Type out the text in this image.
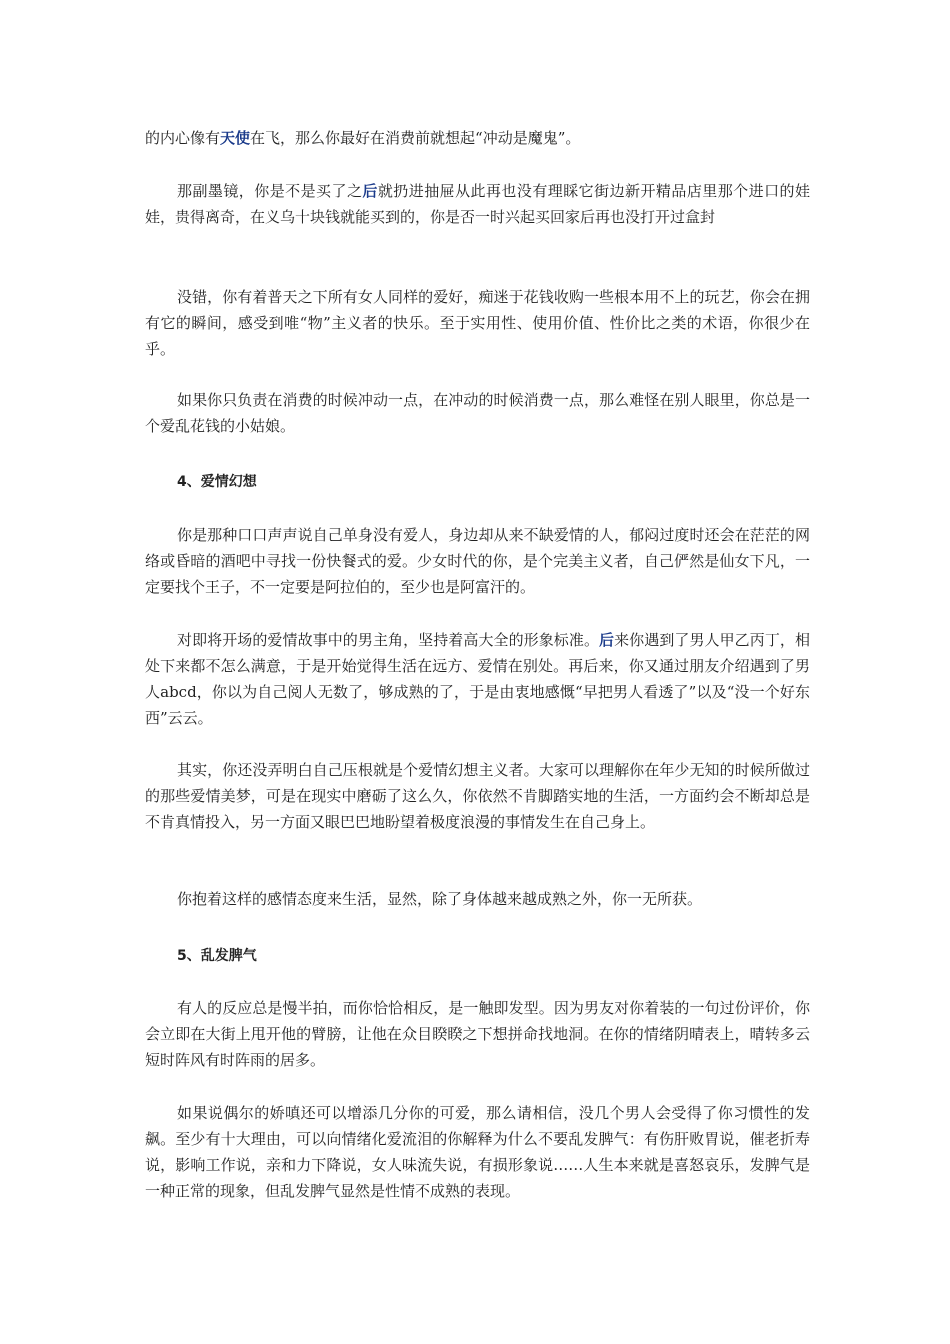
的内心像有天使在飞，那么你最好在消费前就想起“冲动是魔鬼”。

那副墨镜，你是不是买了之后就扔进抽屉从此再也没有理睬它街边新开精品店里那个进口的娃娃，贵得离奇，在义乌十块钱就能买到的，你是否一时兴起买回家后再也没打开过盒封

没错，你有着普天之下所有女人同样的爱好，痴迷于花钱收购一些根本用不上的玩艺，你会在拥有它的瞬间，感受到唯“物”主义者的快乐。至于实用性、使用价值、性价比之类的术语，你很少在乎。

如果你只负责在消费的时候冲动一点，在冲动的时候消费一点，那么难怪在别人眼里，你总是一个爱乱花钱的小姑娘。

4、爱情幻想

你是那种口口声声说自己单身没有爱人，身边却从来不缺爱情的人，郁闷过度时还会在茫茫的网络或昏暗的酒吧中寻找一份快餐式的爱。少女时代的你，是个完美主义者，自己俨然是仙女下凡，一定要找个王子，不一定要是阿拉伯的，至少也是阿富汗的。

对即将开场的爱情故事中的男主角，坚持着高大全的形象标准。后来你遇到了男人甲乙丙丁，相处下来都不怎么满意，于是开始觉得生活在远方、爱情在别处。再后来，你又通过朋友介绍遇到了男人abcd，你以为自己阅人无数了，够成熟的了，于是由衷地感慨“早把男人看透了”以及“没一个好东西”云云。

其实，你还没弄明白自己压根就是个爱情幻想主义者。大家可以理解你在年少无知的时候所做过的那些爱情美梦，可是在现实中磨砺了这么久，你依然不肯脚踏实地的生活，一方面约会不断却总是不肯真情投入，另一方面又眼巴巴地盼望着极度浪漫的事情发生在自己身上。

你抱着这样的感情态度来生活，显然，除了身体越来越成熟之外，你一无所获。

5、乱发脾气

有人的反应总是慢半拍，而你恰恰相反，是一触即发型。因为男友对你着装的一句过份评价，你会立即在大街上甩开他的臂膀，让他在众目睽睽之下想拼命找地洞。在你的情绪阴晴表上，晴转多云短时阵风有时阵雨的居多。

如果说偶尔的娇嗔还可以增添几分你的可爱，那么请相信，没几个男人会受得了你习惯性的发飙。至少有十大理由，可以向情绪化爱流泪的你解释为什么不要乱发脾气：有伤肝败胃说，催老折寿说，影响工作说，亲和力下降说，女人味流失说，有损形象说……人生本来就是喜怒哀乐，发脾气是一种正常的现象，但乱发脾气显然是性情不成熟的表现。
